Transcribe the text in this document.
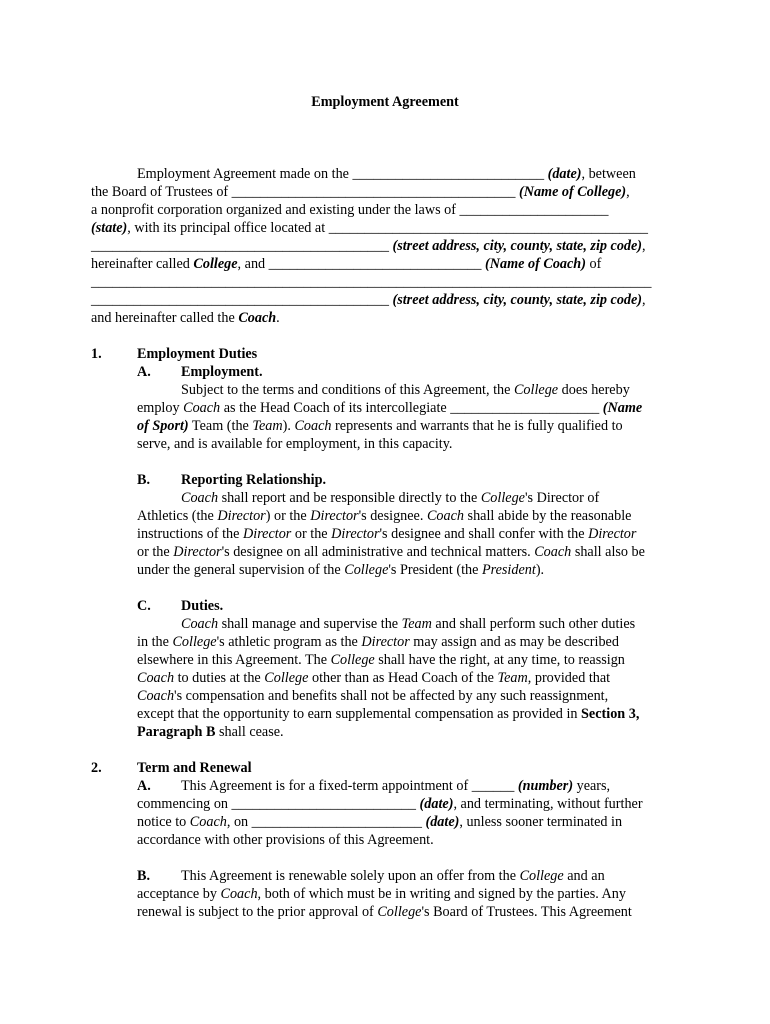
Employment Agreement
Employment Agreement made on the ___________________________ (date), between
the Board of Trustees of ________________________________________ (Name of College),
a nonprofit corporation organized and existing under the laws of _____________________
(state), with its principal office located at _____________________________________________
__________________________________________ (street address, city, county, state, zip code),
hereinafter called College, and ______________________________ (Name of Coach) of
_______________________________________________________________________________
__________________________________________ (street address, city, county, state, zip code),
and hereinafter called the Coach.
1. Employment Duties
A. Employment.
Subject to the terms and conditions of this Agreement, the College does hereby
employ Coach as the Head Coach of its intercollegiate _____________________ (Name
of Sport) Team (the Team). Coach represents and warrants that he is fully qualified to
serve, and is available for employment, in this capacity.
B. Reporting Relationship.
Coach shall report and be responsible directly to the College's Director of
Athletics (the Director) or the Director's designee. Coach shall abide by the reasonable
instructions of the Director or the Director's designee and shall confer with the Director
or the Director's designee on all administrative and technical matters. Coach shall also be
under the general supervision of the College's President (the President).
C. Duties.
Coach shall manage and supervise the Team and shall perform such other duties
in the College's athletic program as the Director may assign and as may be described
elsewhere in this Agreement. The College shall have the right, at any time, to reassign
Coach to duties at the College other than as Head Coach of the Team, provided that
Coach's compensation and benefits shall not be affected by any such reassignment,
except that the opportunity to earn supplemental compensation as provided in Section 3,
Paragraph B shall cease.
2. Term and Renewal
A. This Agreement is for a fixed-term appointment of ______ (number) years,
commencing on __________________________ (date), and terminating, without further
notice to Coach, on ________________________ (date), unless sooner terminated in
accordance with other provisions of this Agreement.
B. This Agreement is renewable solely upon an offer from the College and an
acceptance by Coach, both of which must be in writing and signed by the parties. Any
renewal is subject to the prior approval of College's Board of Trustees. This Agreement
